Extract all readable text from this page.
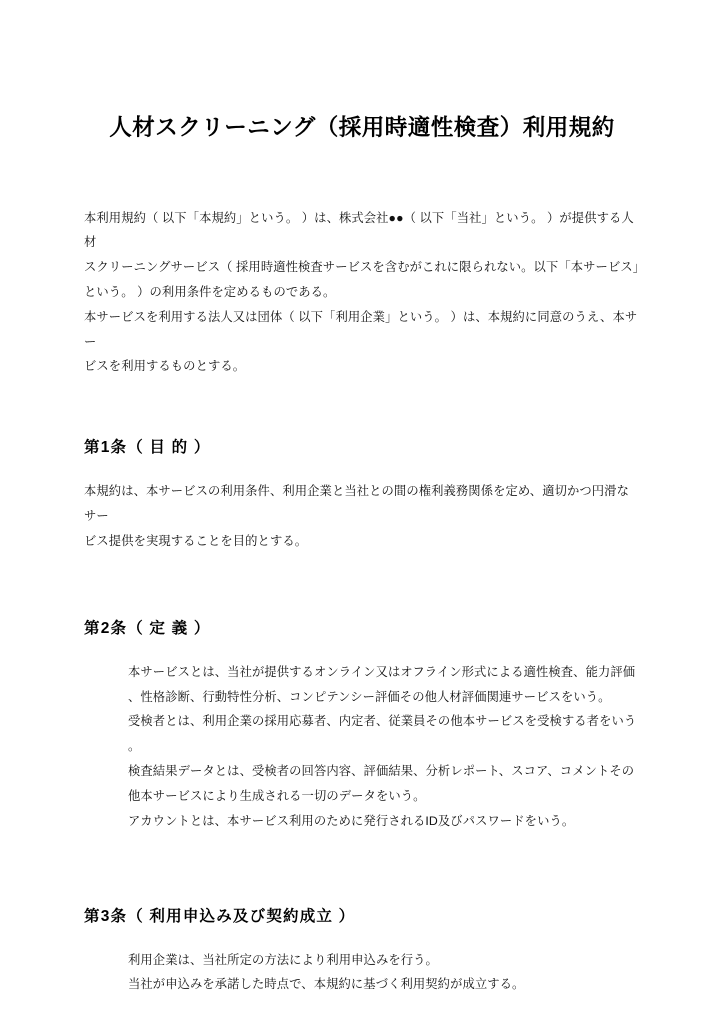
人材スクリーニング（採用時適性検査）利用規約

本利用規約（ 以下「本規約」という。 ）は、株式会社●●（ 以下「当社」という。 ）が提供する人材

スクリーニングサービス（ 採用時適性検査サービスを含むがこれに限られない。以下「本サービス」

という。 ）の利用条件を定めるものである。

本サービスを利用する法人又は団体（ 以下「利用企業」という。 ）は、本規約に同意のうえ、本サー

ビスを利用するものとする。

第1条（ 目 的 ）

本規約は、本サービスの利用条件、利用企業と当社との間の権利義務関係を定め、適切かつ円滑なサー

ビス提供を実現することを目的とする。

第2条（ 定 義 ）

本サービスとは、当社が提供するオンライン又はオフライン形式による適性検査、能力評価

、性格診断、行動特性分析、コンピテンシー評価その他人材評価関連サービスをいう。

受検者とは、利用企業の採用応募者、内定者、従業員その他本サービスを受検する者をいう

。

検査結果データとは、受検者の回答内容、評価結果、分析レポート、スコア、コメントその

他本サービスにより生成される一切のデータをいう。

アカウントとは、本サービス利用のために発行されるID及びパスワードをいう。

第3条（ 利用申込み及び契約成立 ）

利用企業は、当社所定の方法により利用申込みを行う。

当社が申込みを承諾した時点で、本規約に基づく利用契約が成立する。
